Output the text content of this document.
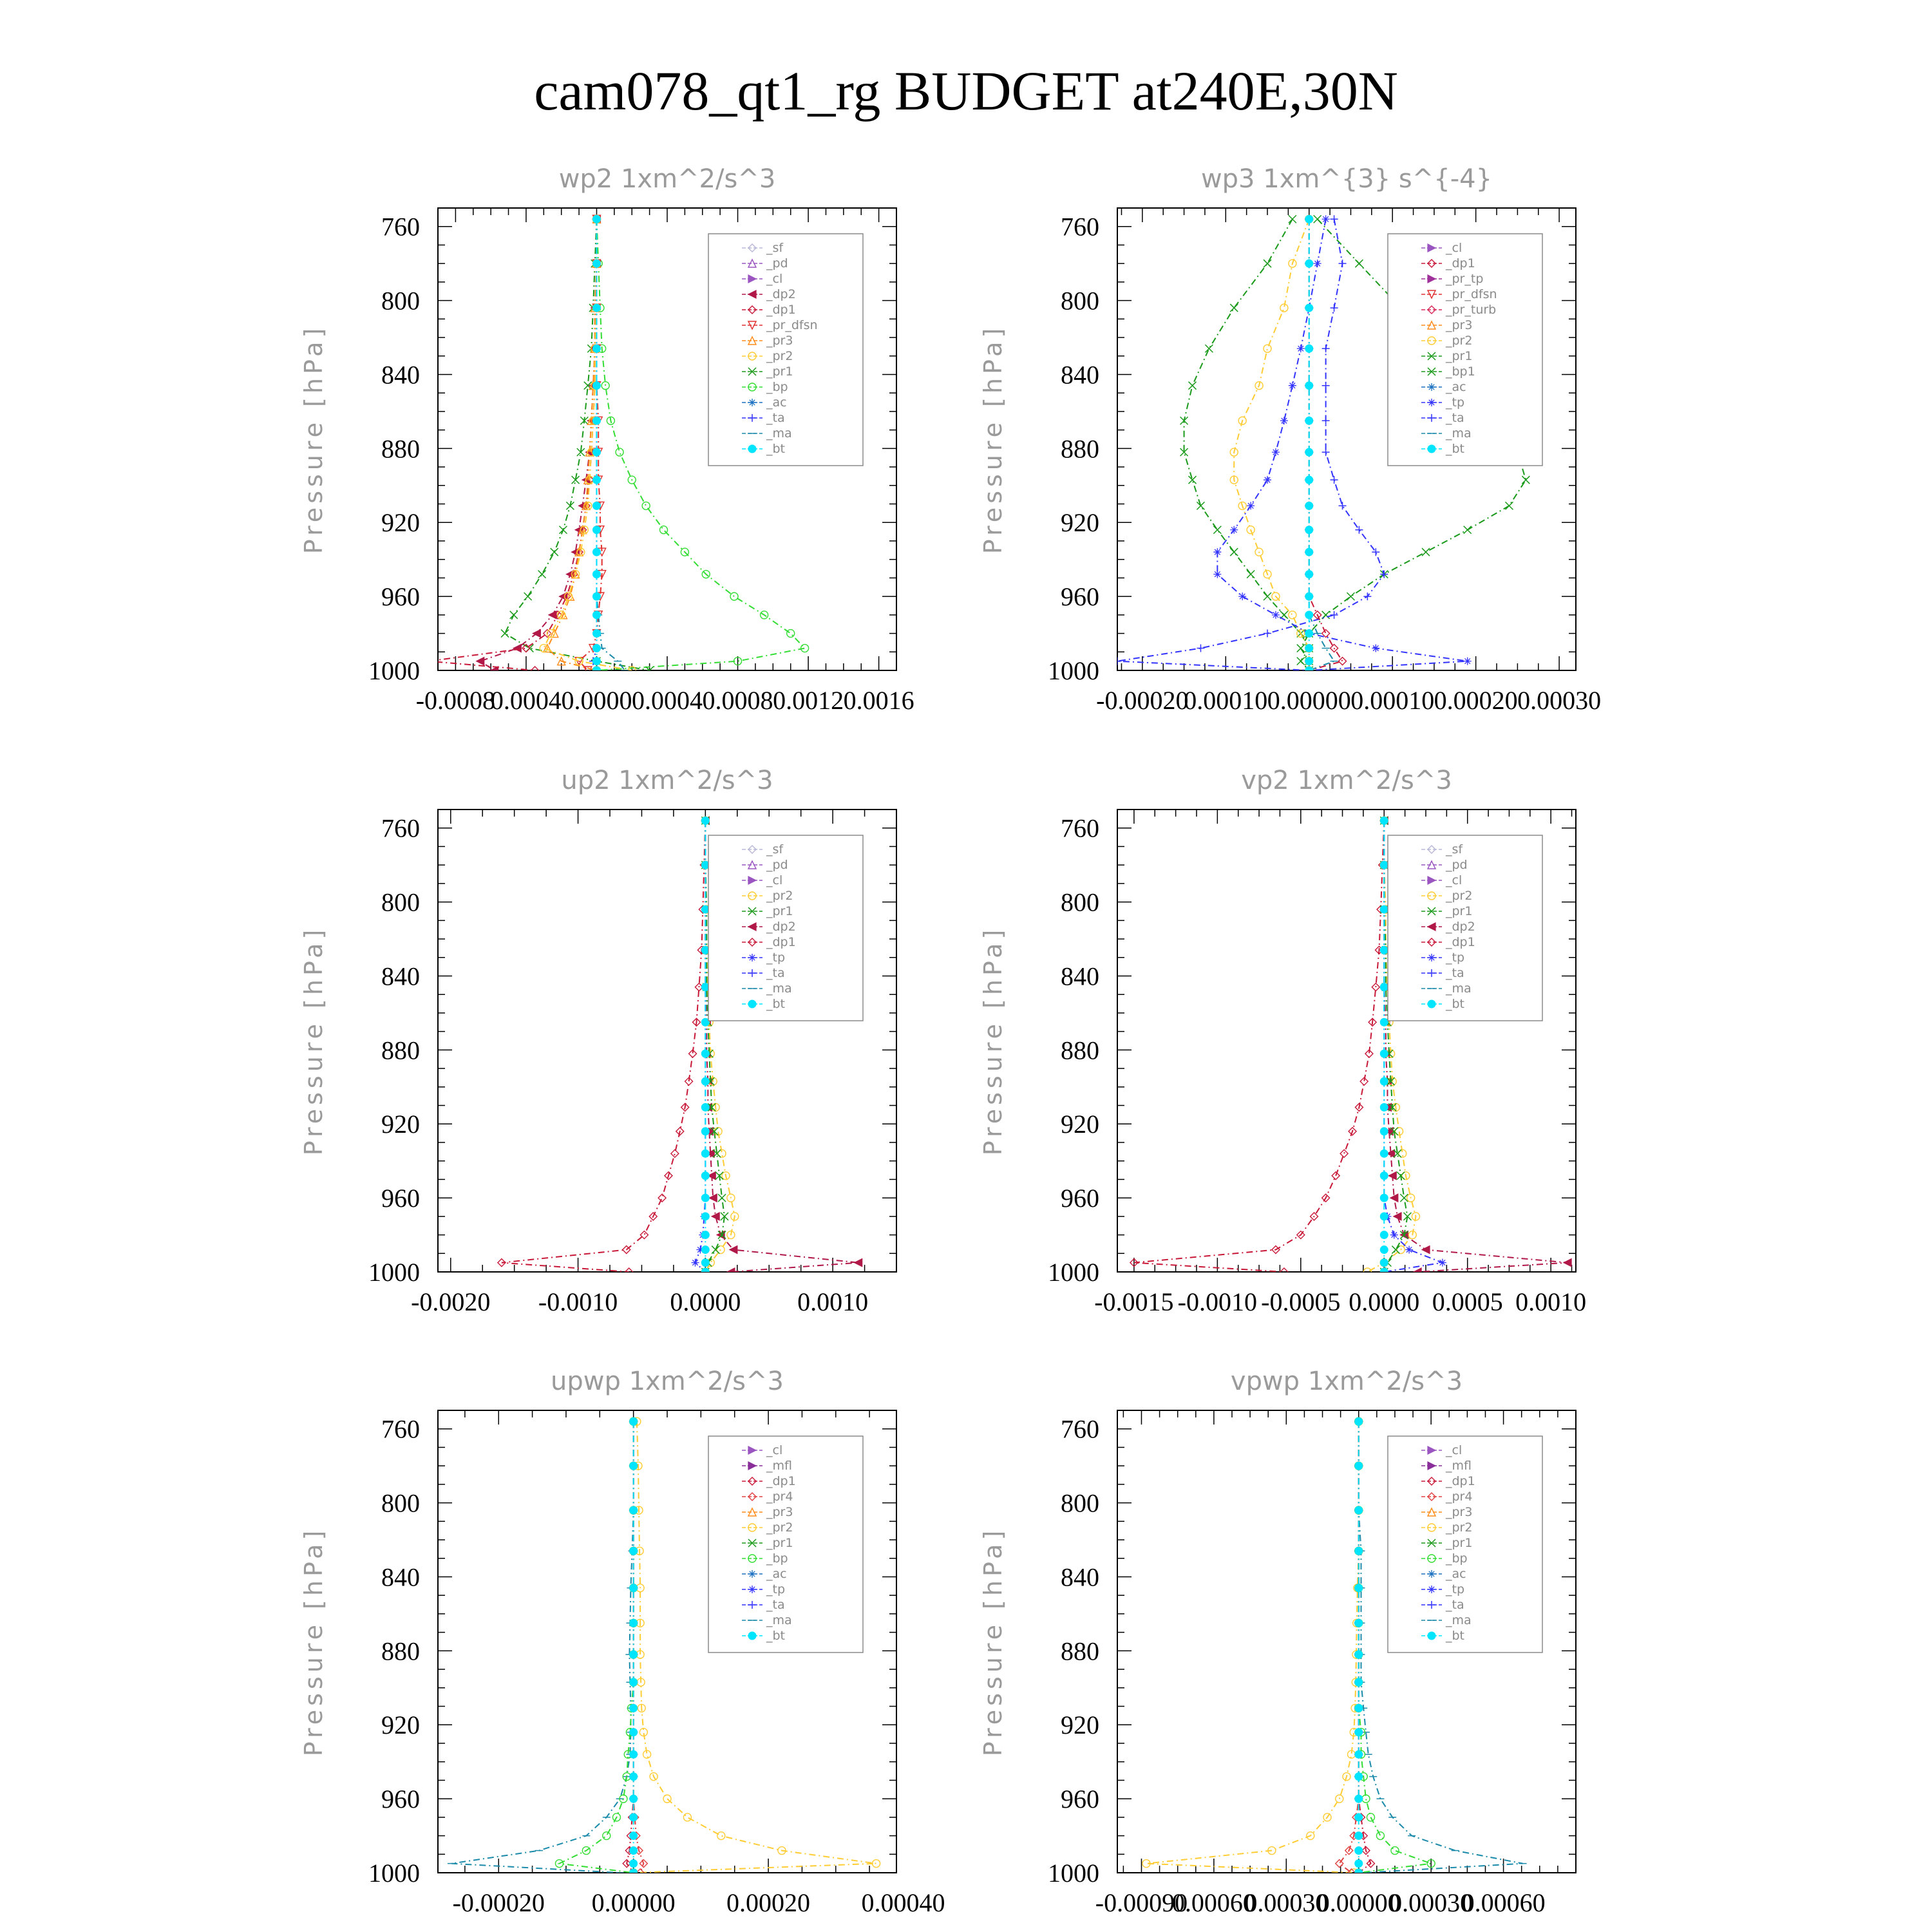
cam078_qt1_rg BUDGET at240E,30N
wp2 1xm^2/s^3
Pressure [hPa]
760
800
840
880
920
960
1000
-0.0008
0.0004 0.0000 0.0004 0.0008 0.0012 0.0016
_sf
_pd
_cl
_dp2
_dp1
_pr_dfsn
_pr3
_pr2
_pr1
_bp
_ac
_ta
_ma
_bt
wp3 1xm^{3} s^{-4}
Pressure [hPa]
760
800
840
880
920
960
1000
-0.00020
0.00010 0.00000 0.00010 0.00020 0.00030
_cl
_dp1
_pr_tp
_pr_dfsn
_pr_turb
_pr3
_pr2
_pr1
_bp1
_ac
_tp
_ta
_ma
_bt
up2 1xm^2/s^3
Pressure [hPa]
760
800
840
880
920
960
1000
-0.0020 -0.0010 0.0000 0.0010
_sf
_pd
_cl
_pr2
_pr1
_dp2
_dp1
_tp
_ta
_ma
_bt
vp2 1xm^2/s^3
Pressure [hPa]
760
800
840
880
920
960
1000
-0.0015 -0.0010 -0.0005 0.0000 0.0005 0.0010
_sf
_pd
_cl
_pr2
_pr1
_dp2
_dp1
_tp
_ta
_ma
_bt
upwp 1xm^2/s^3
Pressure [hPa]
760
800
840
880
920
960
1000
-0.00020 0.00000 0.00020 0.00040
_cl
_mfl
_dp1
_pr4
_pr3
_pr2
_pr1
_bp
_ac
_tp
_ta
_ma
_bt
vpwp 1xm^2/s^3
Pressure [hPa]
760
800
840
880
920
960
1000
-0.00090
0.00060
0.00030
0.00000
0.00030
0.00060
_cl
_mfl
_dp1
_pr4
_pr3
_pr2
_pr1
_bp
_ac
_tp
_ta
_ma
_bt
